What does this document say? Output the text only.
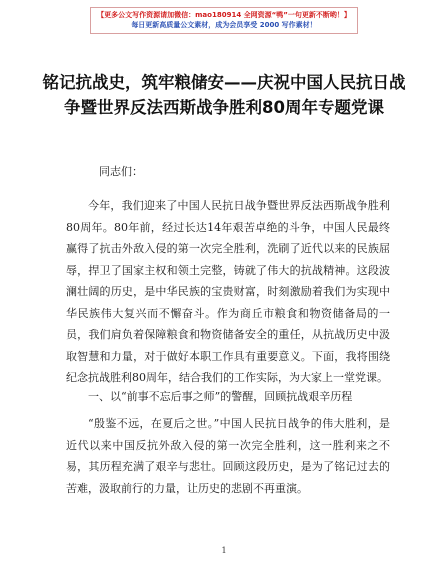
【更多公文写作资源请加微信：mao180914 全网资源“鸭”一句更新不断哟！】
每日更新高质量公文素材，成为会员享受 2000 写作素材！
铭记抗战史，筑牢粮储安——庆祝中国人民抗日战争暨世界反法西斯战争胜利80周年专题党课
同志们：
今年，我们迎来了中国人民抗日战争暨世界反法西斯战争胜利80周年。80年前，经过长达14年艰苦卓绝的斗争，中国人民最终赢得了抗击外敌入侵的第一次完全胜利，洗刷了近代以来的民族屈辱，捍卫了国家主权和领土完整，铸就了伟大的抗战精神。这段波澜壮阔的历史，是中华民族的宝贵财富，时刻激励着我们为实现中华民族伟大复兴而不懈奋斗。作为商丘市粮食和物资储备局的一员，我们肩负着保障粮食和物资储备安全的重任，从抗战历史中汲取智慧和力量，对于做好本职工作具有重要意义。下面，我将围绕纪念抗战胜利80周年，结合我们的工作实际，为大家上一堂党课。
一、以“前事不忘后事之师”的警醒，回顾抗战艰辛历程
“殷鉴不远，在夏后之世。”中国人民抗日战争的伟大胜利，是近代以来中国反抗外敌入侵的第一次完全胜利，这一胜利来之不易，其历程充满了艰辛与悲壮。回顾这段历史，是为了铭记过去的苦难，汲取前行的力量，让历史的悲剧不再重演。
1
